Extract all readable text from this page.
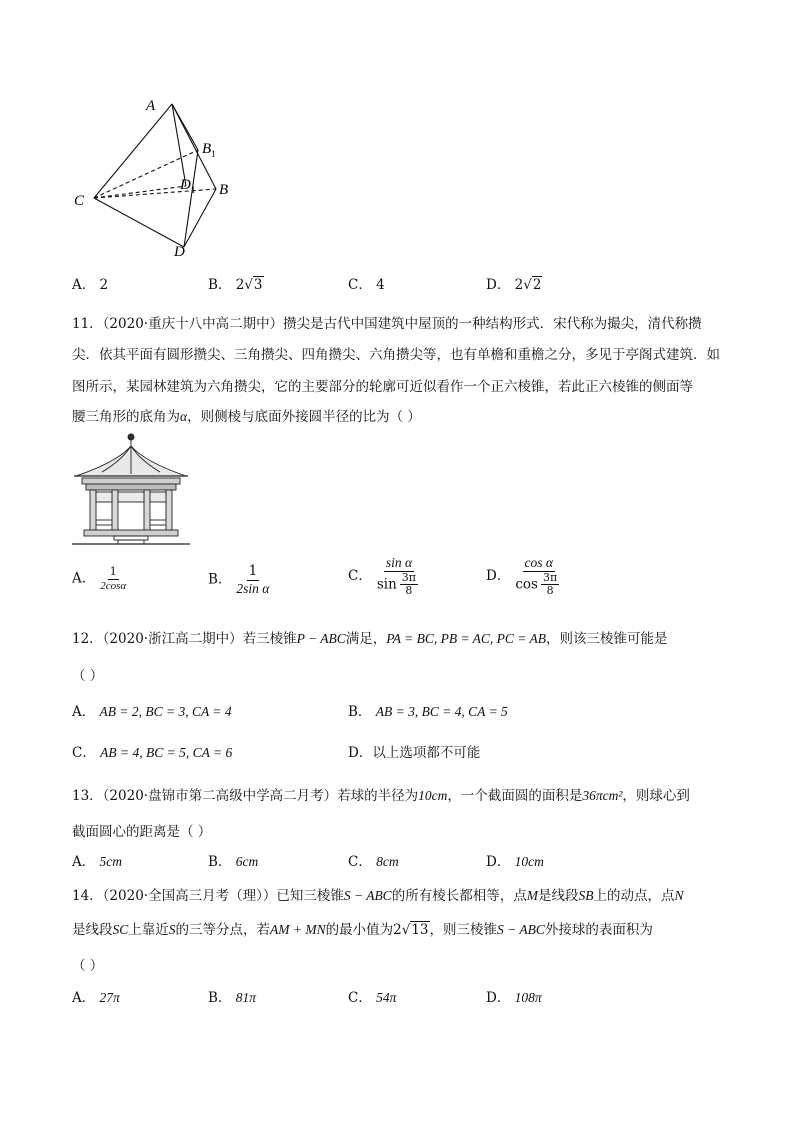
A
$B_1$
$D_1$ B
C
D
A． 2	B． 2√3	C． 4	D． 2√2
11．（2020·重庆十八中高二期中）攒尖是古代中国建筑中屋顶的一种结构形式．宋代称为撮尖，清代称攒
尖．依其平面有圆形攒尖、三角攒尖、四角攒尖、六角攒尖等，也有单檐和重檐之分，多见于亭阁式建筑．如
图所示，某园林建筑为六角攒尖，它的主要部分的轮廓可近似看作一个正六棱锥，若此正六棱锥的侧面等
腰三角形的底角为α，则侧棱与底面外接圆半径的比为（ ）
A． $\frac{1}{2\cos\alpha}$	B． $\frac{1}{\text{2sin α}}$	C． $\frac{\text{sin α}}{\sin \frac{3\pi}{8}}$	D． $\frac{\text{cos α}}{\cos \frac{3\pi}{8}}$
12．（2020·浙江高二期中）若三棱锥P − ABC满足，PA = BC, PB = AC, PC = AB，则该三棱锥可能是
（ ）
A． AB = 2, BC = 3, CA = 4	B． AB = 3, BC = 4, CA = 5
C． AB = 4, BC = 5, CA = 6	D．以上选项都不可能
13．（2020·盘锦市第二高级中学高二月考）若球的半径为10cm，一个截面圆的面积是36πcm²，则球心到
截面圆心的距离是（ ）
A． 5cm	B． 6cm	C． 8cm	D． 10cm
14．（2020·全国高三月考（理））已知三棱锥S − ABC的所有棱长都相等，点M是线段SB上的动点，点N
是线段SC上靠近S的三等分点，若AM + MN的最小值为2√13，则三棱锥S − ABC外接球的表面积为
（ ）
A． 27π	B． 81π	C． 54π	D． 108π
